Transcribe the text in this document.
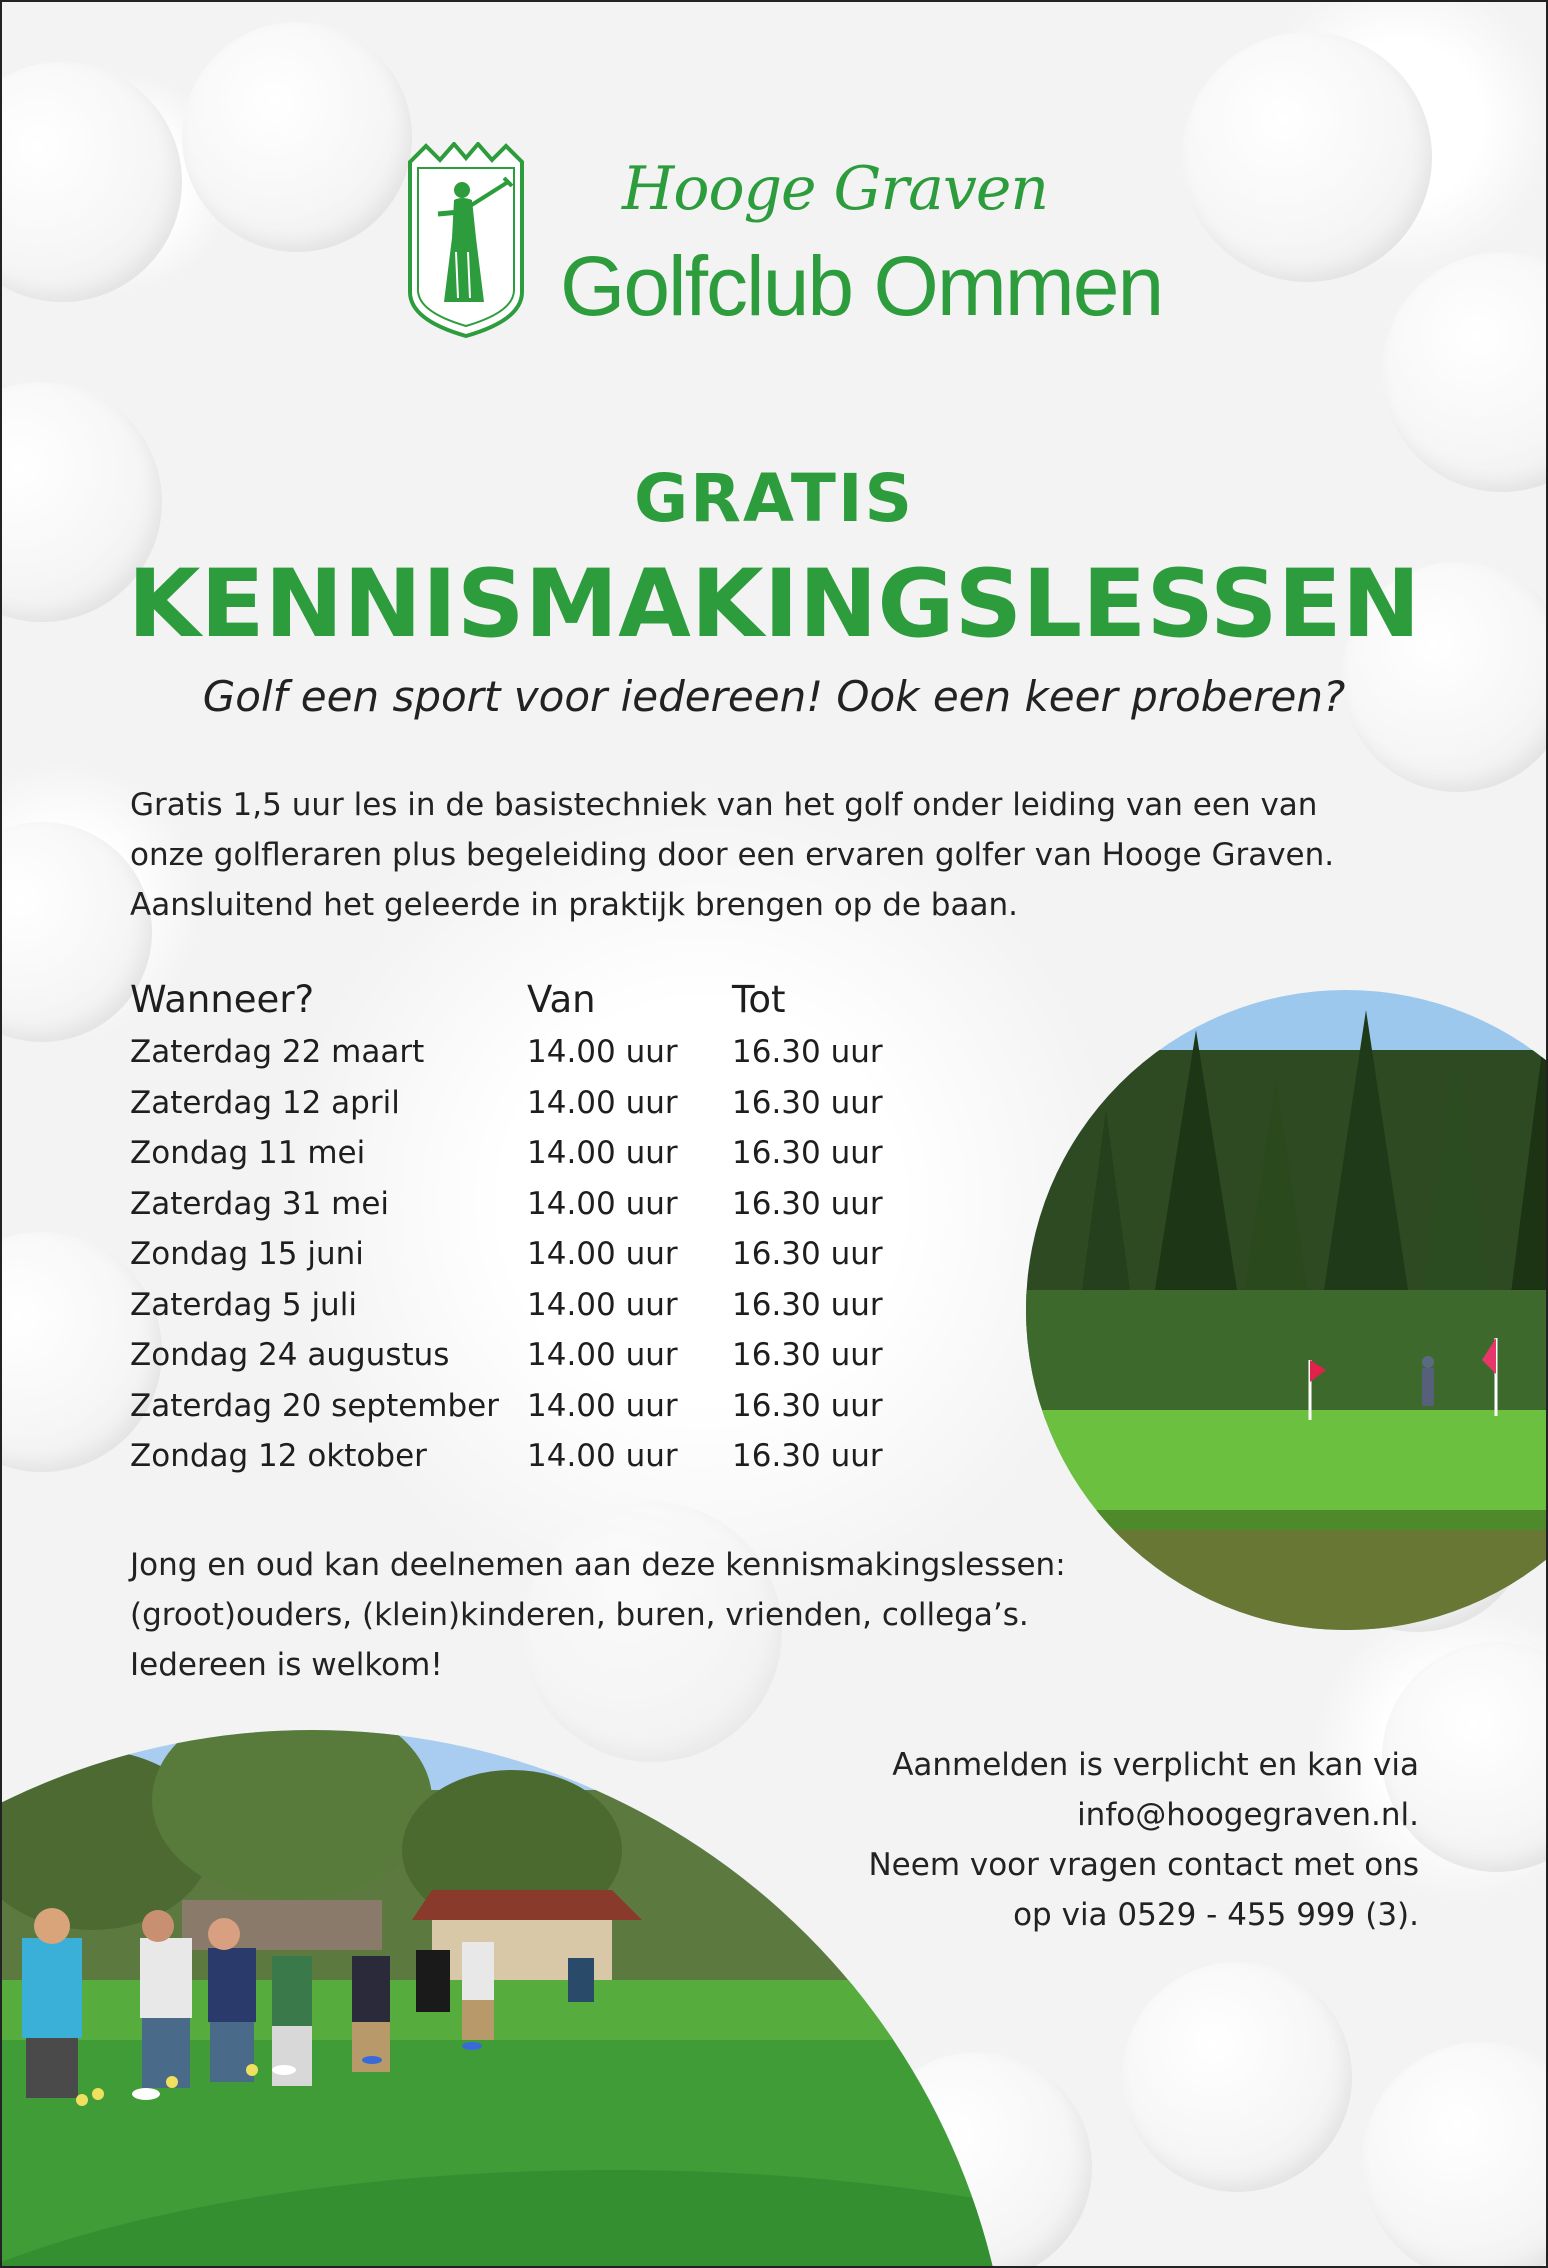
Hooge Graven
Golfclub Ommen
GRATIS
KENNISMAKINGSLESSEN
Golf een sport voor iedereen! Ook een keer proberen?
Gratis 1,5 uur les in de basistechniek van het golf onder leiding van een van
onze golfleraren plus begeleiding door een ervaren golfer van Hooge Graven.
Aansluitend het geleerde in praktijk brengen op de baan.
Wanneer?	Van	Tot
Zaterdag 22 maart	14.00 uur 16.30 uur
Zaterdag 12 april	14.00 uur 16.30 uur
Zondag 11 mei	14.00 uur 16.30 uur
Zaterdag 31 mei	14.00 uur 16.30 uur
Zondag 15 juni	14.00 uur 16.30 uur
Zaterdag 5 juli	14.00 uur 16.30 uur
Zondag 24 augustus	14.00 uur 16.30 uur
Zaterdag 20 september 14.00 uur 16.30 uur
Zondag 12 oktober	14.00 uur 16.30 uur
Jong en oud kan deelnemen aan deze kennismakingslessen:
(groot)ouders, (klein)kinderen, buren, vrienden, collega’s.
Iedereen is welkom!
Aanmelden is verplicht en kan via
info@hoogegraven.nl.
Neem voor vragen contact met ons
op via 0529 - 455 999 (3).
